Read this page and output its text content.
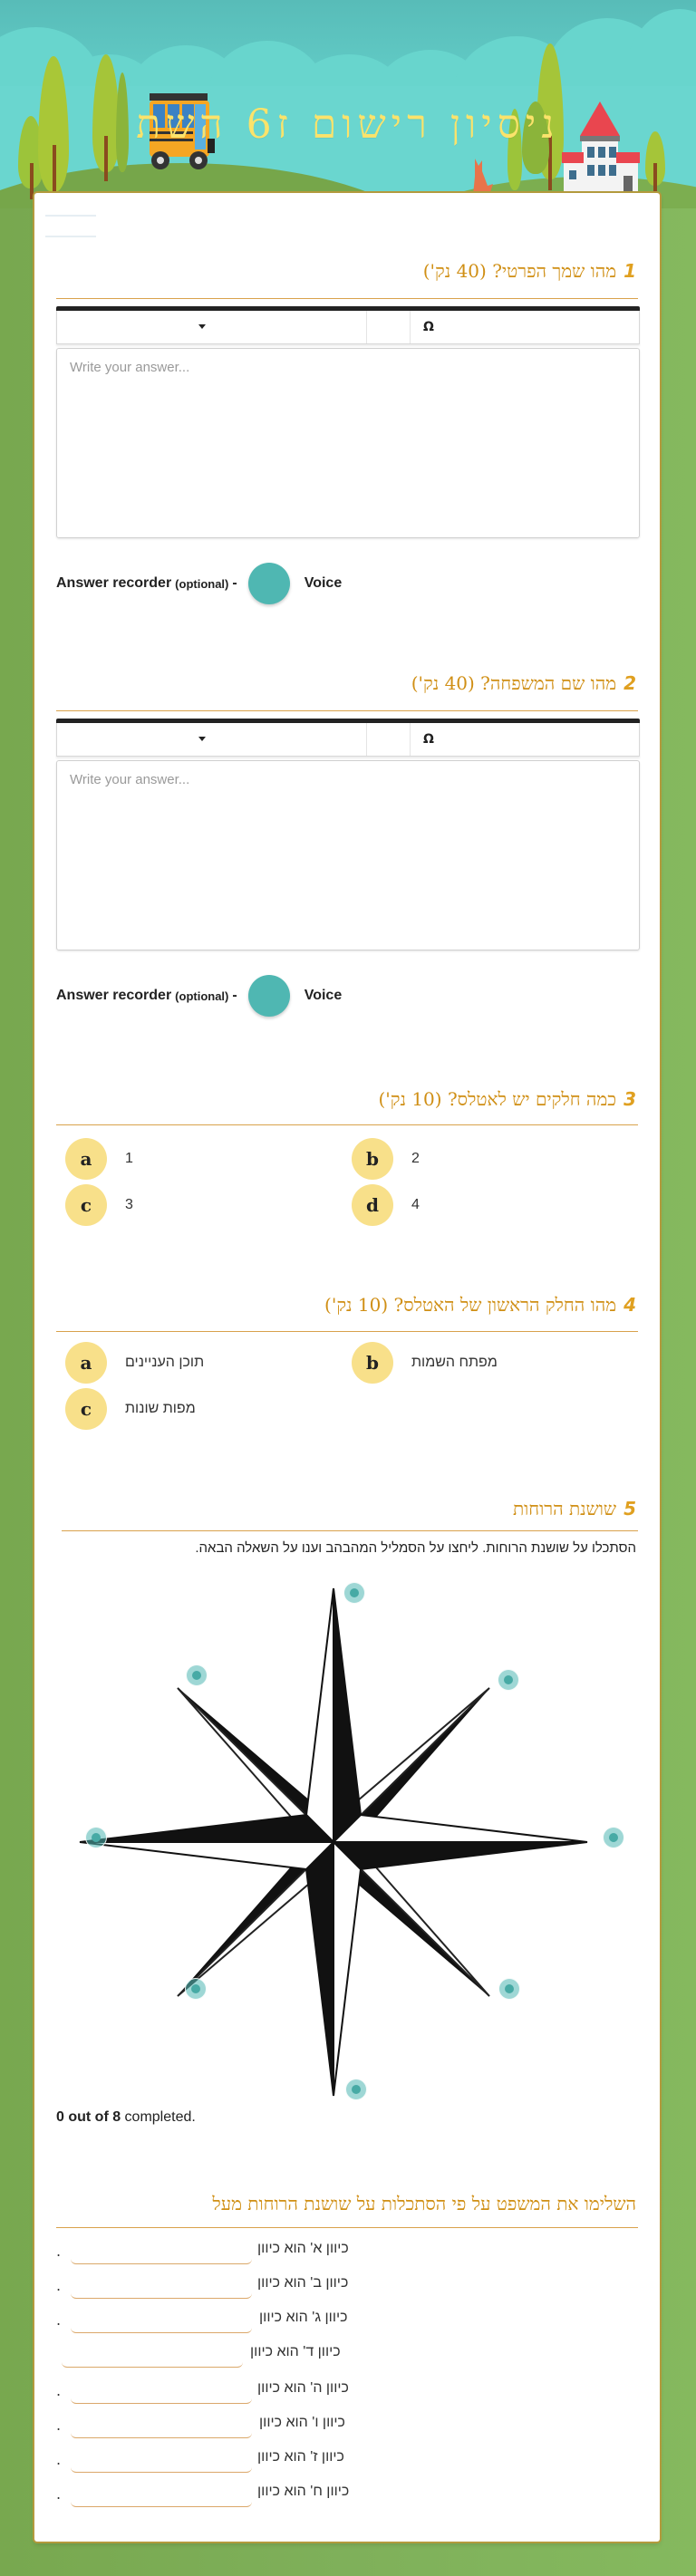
ניסיון רישום ז6 השת
1מהו שמך הפרטי? (40 נק')
Ω
Write your answer...
Answer recorder (optional) -	Voice
2מהו שם המשפחה? (40 נק')
Ω
Write your answer...
Answer recorder (optional) -	Voice
3כמה חלקים יש לאטלס? (10 נק')
a	1	b	2
c	3	d	4
4מהו החלק הראשון של האטלס? (10 נק')
a	תוכן העניינים	b	מפתח השמות
c	מפות שונות
5שושנת הרוחות
הסתכלו על שושנת הרוחות. ליחצו על הסמליל המהבהב וענו על השאלה הבאה.
0 out of 8 completed.
השלימו את המשפט על פי הסתכלות על שושנת הרוחות מעל
.	כיוון א' הוא כיוון
.	כיוון ב' הוא כיוון
.	כיוון ג' הוא כיוון
כיוון ד' הוא כיוון
.	כיוון ה' הוא כיוון
.	כיוון ו' הוא כיוון
.	כיוון ז' הוא כיוון
.	כיוון ח' הוא כיוון
